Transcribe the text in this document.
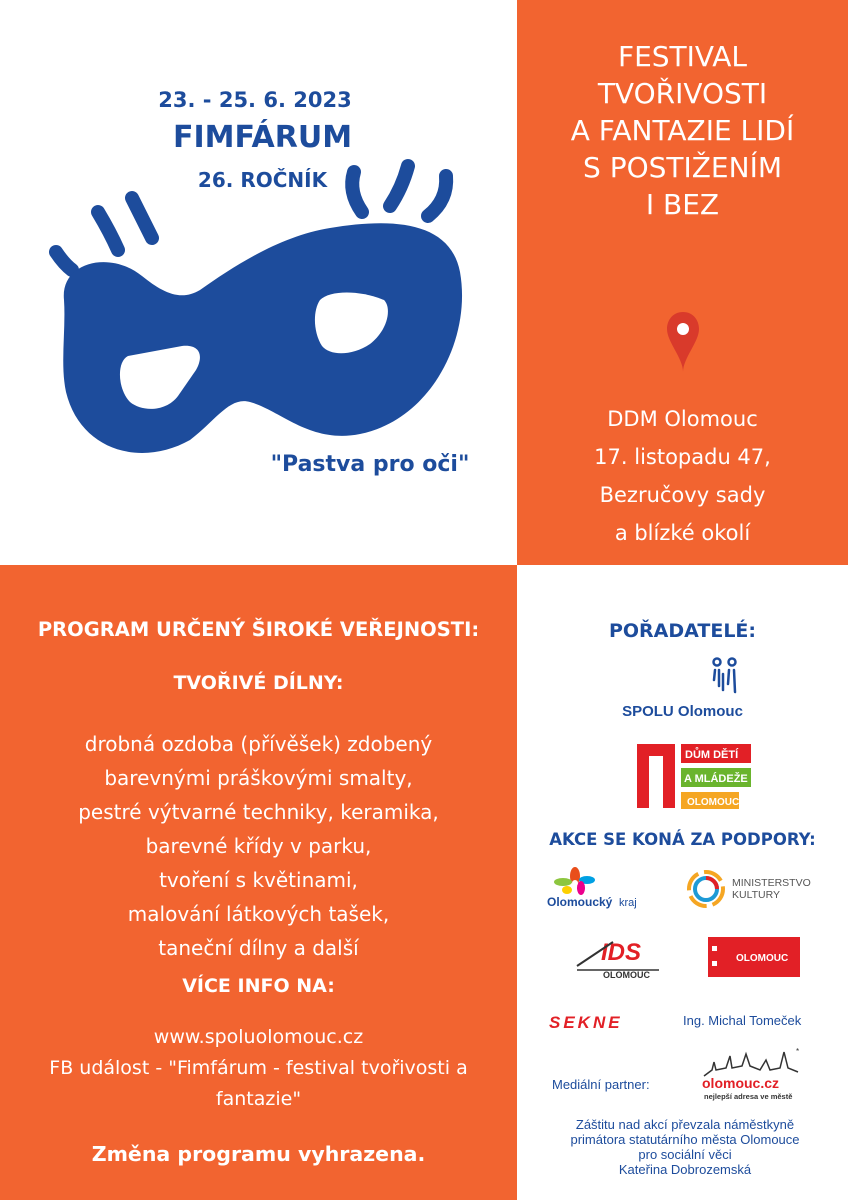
23. - 25. 6. 2023
FIMFÁRUM
26. ROČNÍK
"Pastva pro oči"
FESTIVAL
TVOŘIVOSTI
A FANTAZIE LIDÍ
S POSTIŽENÍM
I BEZ
DDM Olomouc
17. listopadu 47,
Bezručovy sady
a blízké okolí
PROGRAM URČENÝ ŠIROKÉ VEŘEJNOSTI:
TVOŘIVÉ DÍLNY:
drobná ozdoba (přívěšek) zdobený
barevnými práškovými smalty,
pestré výtvarné techniky, keramika,
barevné křídy v parku,
tvoření s květinami,
malování látkových tašek,
taneční dílny a další
VÍCE INFO NA:
www.spoluolomouc.cz
FB událost - "Fimfárum - festival tvořivosti a
fantazie"
Změna programu vyhrazena.
POŘADATELÉ:
SPOLU Olomouc
DŮM DĚTÍ
A MLÁDEŽE
OLOMOUC
AKCE SE KONÁ ZA PODPORY:
Olomoucký kraj
MINISTERSTVO
KULTURY
IDS
OLOMOUC
OLOMOUC
SEKNE	Ing. Michal Tomeček
Mediální partner:
*
olomouc.cz
nejlepší adresa ve městě
Záštitu nad akcí převzala náměstkyně
primátora statutárního města Olomouce
pro sociální věci
Kateřina Dobrozemská
